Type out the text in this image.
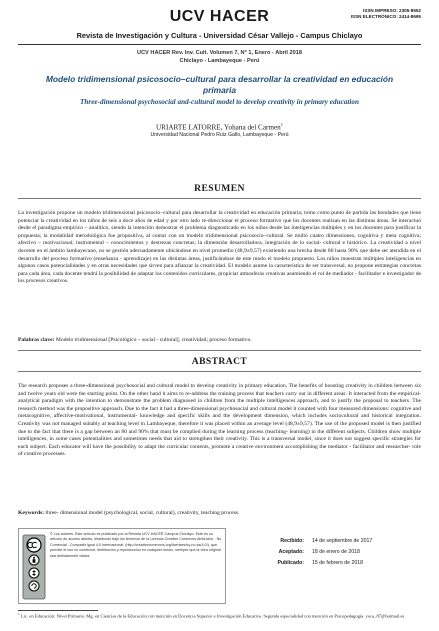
UCV HACER	ISSN IMPRESO: 2305-8552
ISSN ELECTRÓNICO: 2414-8695
Revista de Investigación y Cultura - Universidad César Vallejo - Campus Chiclayo
UCV HACER Rev. Inv. Cult. Volumen 7, N° 1, Enero - Abril 2018
Chiclayo - Lambayeque - Perú
Modelo tridimensional psicosocio–cultural para desarrollar la creatividad en educación primaria
Three-dimensional psychosocial and-cultural model to develop creativity in primary education
URIARTE LATORRE, Yohana del Carmen$^1$
Universidad Nacional Pedro Ruiz Gallo, Lambayeque - Perú
RESUMEN
La investigación propone un modelo tridimensional psicosocio–cultural para desarrollar la creatividad en educación primaria; tomo como punto de partida las bondades que tiene potenciar la creatividad en los niños de seis a doce años de edad y por otro lado re-direccionar el proceso formativo que los docentes realizan en las distintas áreas. Se interactuó desde el paradigma empírico – analítico, siendo la intención demostrar el problema diagnosticado en los niños desde las inteligencias múltiples y en los docentes para justificar la propuesta; la modalidad metodológica fue propositiva, al contar con un modelo tridimensional psicosocio–cultural. Se midió cuatro dimensiones, cognitiva y meta cognitiva; afectivo – motivacional; instrumental – conocimientos y destrezas concretas; la dimensión desarrolladora, integración de lo social- cultural e histórico. La creatividad a nivel docente en el ámbito lambayecano, no se gestión adecuadamente ubicándose en nivel promedio (48,9±9,57) existiendo una brecha desde 80 hasta 90% que debe ser atendida en el desarrollo del proceso formativo (enseñanza - aprendizaje) en las distintas áreas, justificándose de este modo el modelo propuesto. Los niños muestran múltiples inteligencias en algunos casos potencialidades y en otras necesidades que sirven para afianzar la creatividad. El modelo asume la característica de ser transversal, no propone estrategias concretas para cada área, cada docente tendrá la posibilidad de adaptar los contenidos curriculares, propiciar atmosferas creativas asumiendo el rol de mediador - facilitador e investigador de los procesos creativos.
Palabras clave: Modelo tridimensional [Psicológico – social - cultural]; creatividad; proceso formativo.
ABSTRACT
The research proposes a three-dimensional psychosocial and cultural model to develop creativity in primary education. The benefits of boosting creativity in children between six and twelve years old were the starting point. On the other hand it aims to re-address the training process that teachers carry out in different areas. It interacted from the empirical-analytical paradigm with the intention to demonstrate the problem diagnosed in children from the multiple intelligences approach, and to justify the proposal to teachers. The research method was the propositive approach. Due to the fact it had a three-dimensional psychosocial and cultural model it counted with four measured dimensions: cognitive and metacognitive, affective-motivational, instrumental- knowledge and specific skills and the development dimension, which includes sociocultural and historical integration. Creativity was not managed suitably at teaching level in Lambayeque, therefore it was placed within an average level (48,9±9,57). The use of the proposed model is then justified due to the fact that there is a gap between an 80 and 90% that must be complied during the learning process (teaching- learning) in the different subjects. Children show multiple intelligences, in some cases potentialities and sometimes needs that aid to strengthen their creativity. This is a transversal model, since it does not suggest specific strategies for each subject. Each educator will have the possibility to adapt the curricular contents, promote a creative environment accomplishing the mediator - facilitator and researcher- role of creative processes.
Keywords: three- dimensional model (psychological, social, cultural), creativity, teaching process.
© Los autores. Este artículo es publicado por la Revista UCV HACER Campus Chiclayo. Este es un artículo de acceso abierto, distribuido bajo los términos de la Licencia Creative Commons Atribución - No Comercial - Compartir igual 4.0 Internacional. (http://creativecommons.org/licenses/by-nc-sa/4.0/), que permite el uso no comercial, distribución y reproducción en cualquier medio, siempre que la obra original sea debidamente citada.
Recibido: 14 de septiembre de 2017
Aceptado: 18 de enero de 2018
Publicado: 15 de febrero de 2018
$^1$ Lic. en Educación: Nivel Primario. Mg. en Ciencias de la Educación con mención en Docencia Superior e Investigación Educativa. Segunda especialidad con mención en Psicopedagogía. yoca_87@hotmail.es
